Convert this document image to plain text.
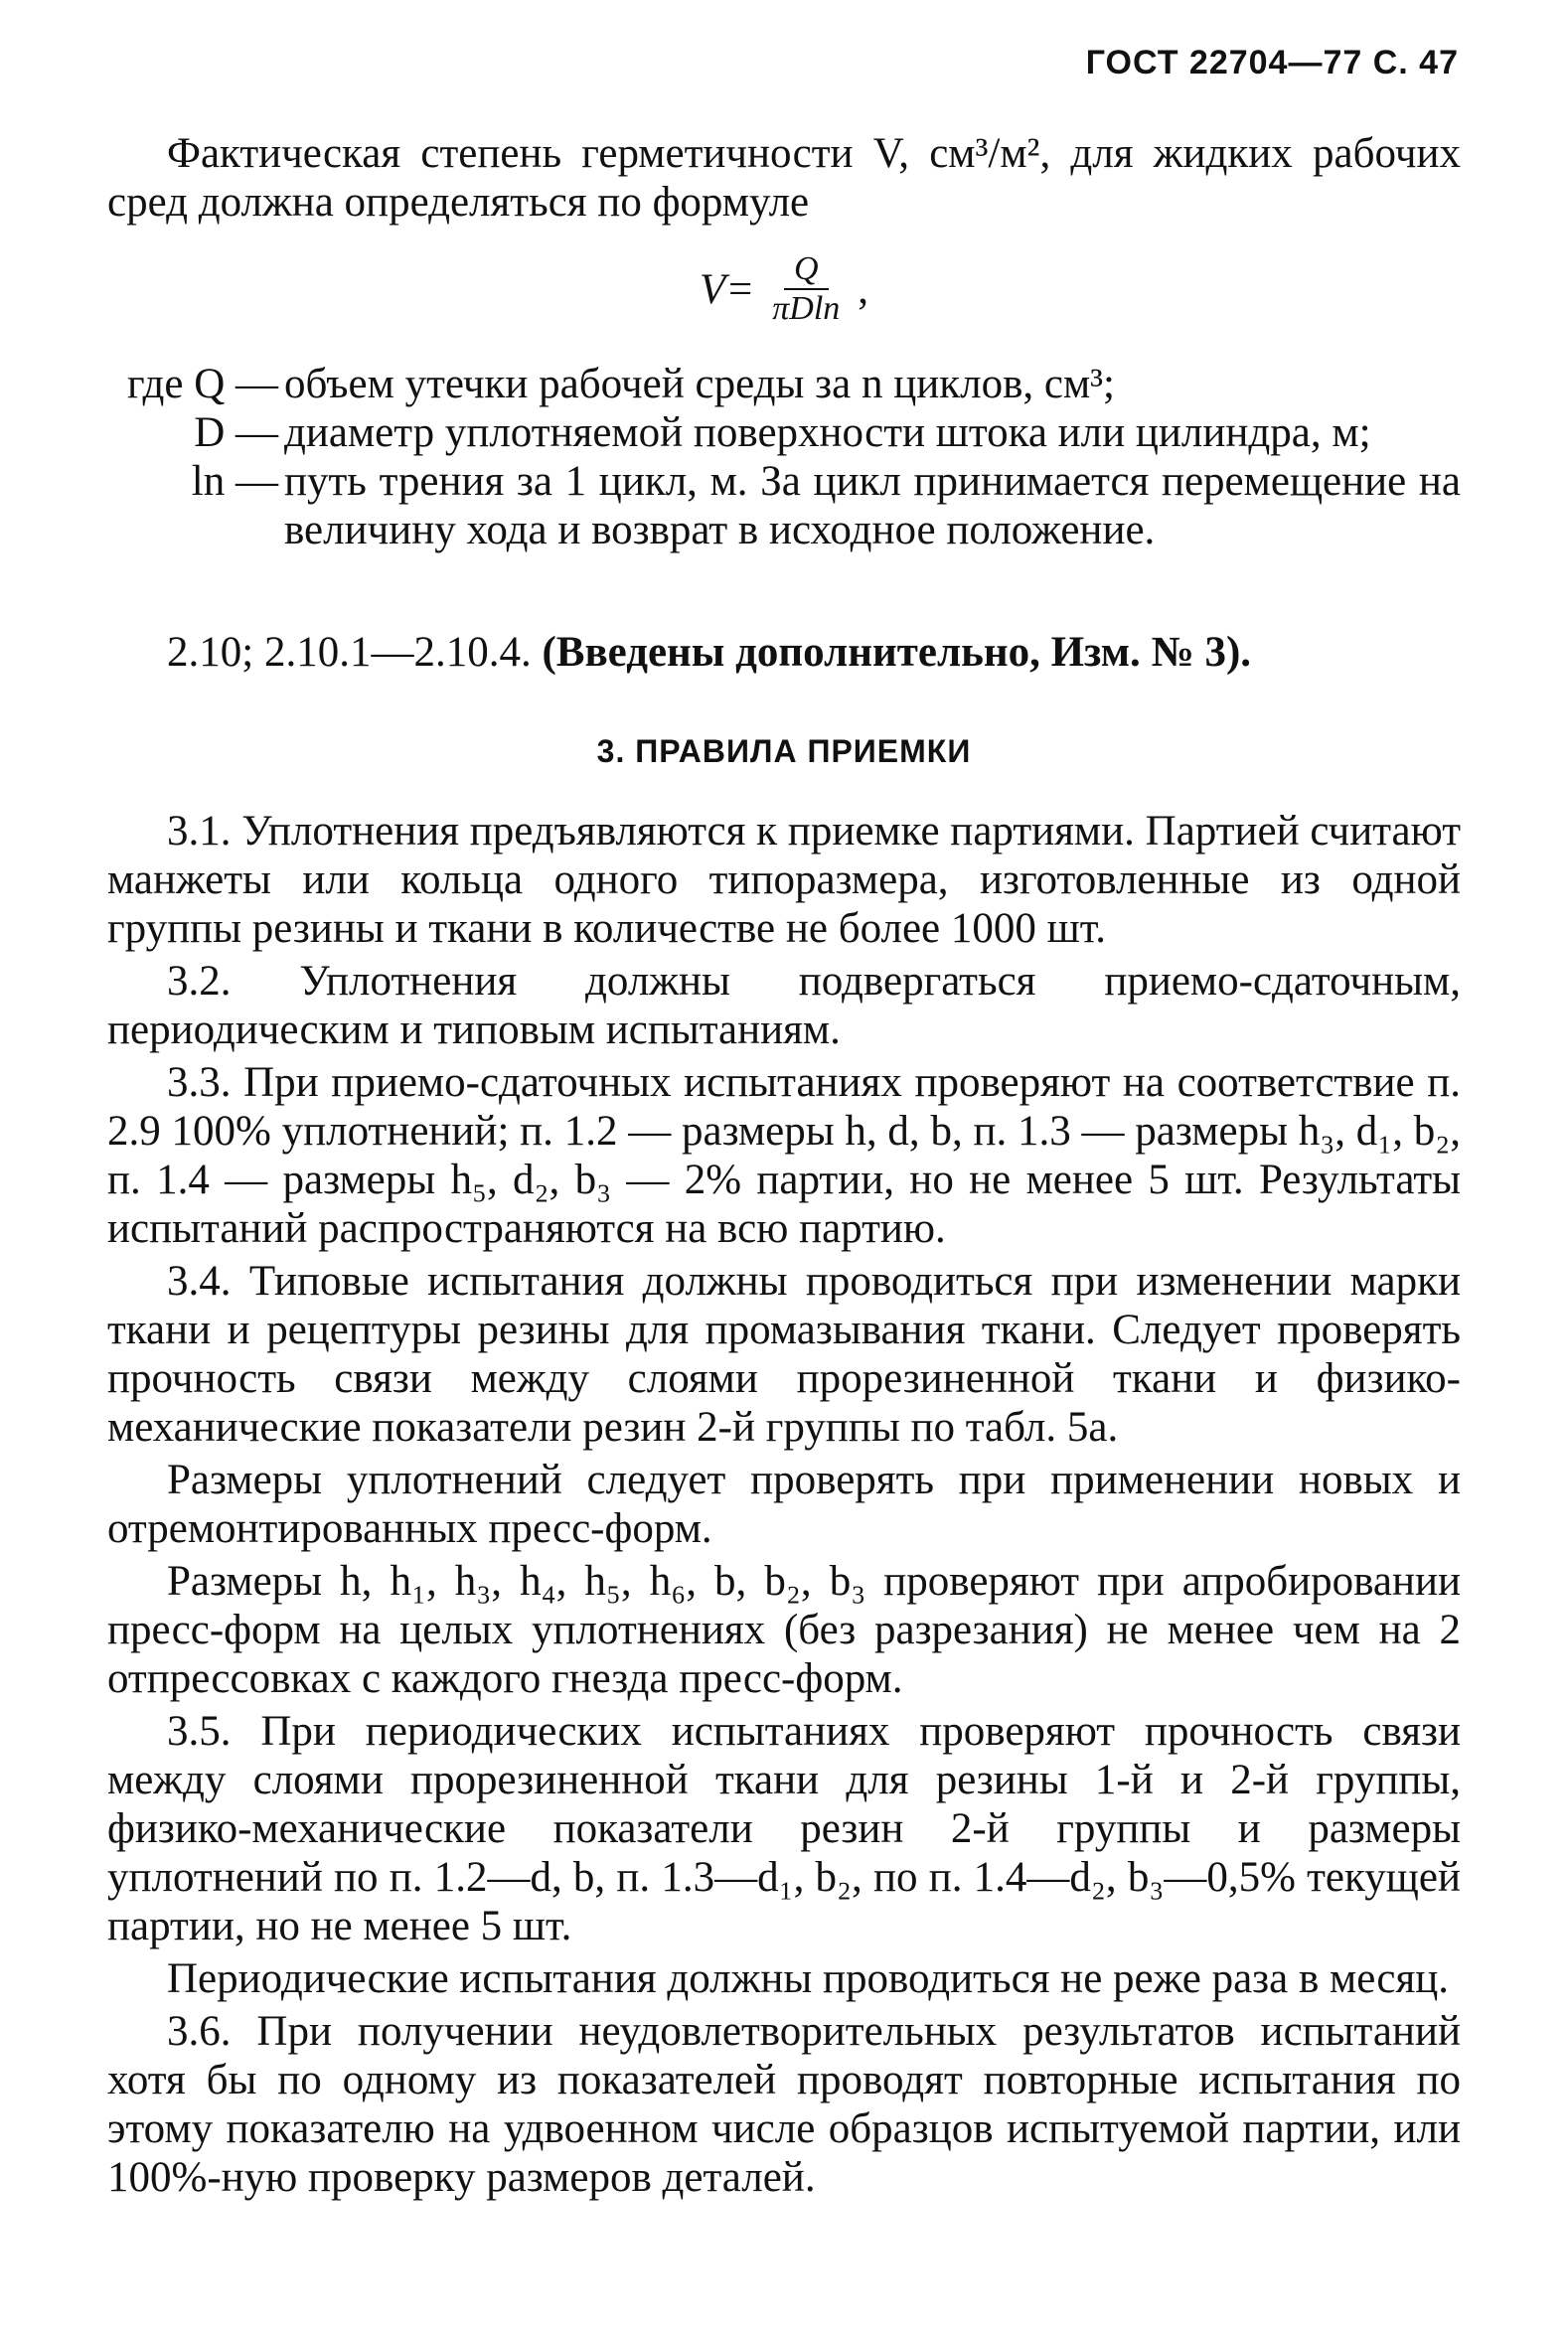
ГОСТ 22704—77 С. 47
Фактическая степень герметичности V, см³/м², для жидких рабочих сред должна определяться по формуле
$V= \frac{Q}{\pi Dln}$ ,
где Q — объем утечки рабочей среды за n циклов, см³;
D — диаметр уплотняемой поверхности штока или цилиндра, м;
ln — путь трения за 1 цикл, м. За цикл принимается перемещение на величину хода и возврат в исходное положение.
2.10; 2.10.1—2.10.4. (Введены дополнительно, Изм. № 3).
3. ПРАВИЛА ПРИЕМКИ

3.1. Уплотнения предъявляются к приемке партиями. Партией считают манжеты или кольца одного типоразмера, изготовленные из одной группы резины и ткани в количестве не более 1000 шт.

3.2. Уплотнения должны подвергаться приемо-сдаточным, периодическим и типовым испытаниям.

3.3. При приемо-сдаточных испытаниях проверяют на соответствие п. 2.9 100% уплотнений; п. 1.2 — размеры h, d, b, п. 1.3 — размеры h₃, d₁, b₂, п. 1.4 — размеры h₅, d₂, b₃ — 2% партии, но не менее 5 шт. Результаты испытаний распространяются на всю партию.

3.4. Типовые испытания должны проводиться при изменении марки ткани и рецептуры резины для промазывания ткани. Следует проверять прочность связи между слоями прорезиненной ткани и физико-механические показатели резин 2-й группы по табл. 5а.

Размеры уплотнений следует проверять при применении новых и отремонтированных пресс-форм.

Размеры h, h₁, h₃, h₄, h₅, h₆, b, b₂, b₃ проверяют при апробировании пресс-форм на целых уплотнениях (без разрезания) не менее чем на 2 отпрессовках с каждого гнезда пресс-форм.

3.5. При периодических испытаниях проверяют прочность связи между слоями прорезиненной ткани для резины 1-й и 2-й группы, физико-механические показатели резин 2-й группы и размеры уплотнений по п. 1.2—d, b, п. 1.3—d₁, b₂, по п. 1.4—d₂, b₃—0,5% текущей партии, но не менее 5 шт.

Периодические испытания должны проводиться не реже раза в месяц.

3.6. При получении неудовлетворительных результатов испытаний хотя бы по одному из показателей проводят повторные испытания по этому показателю на удвоенном числе образцов испытуемой партии, или 100%-ную проверку размеров деталей.
